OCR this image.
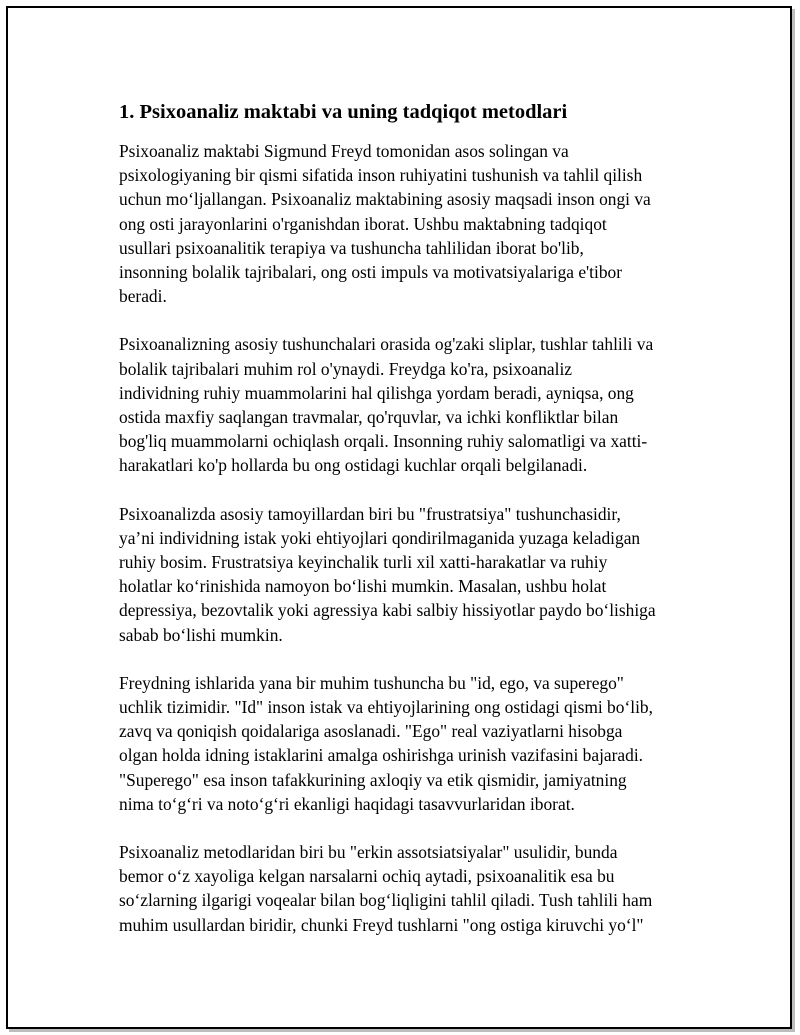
1. Psixoanaliz maktabi va uning tadqiqot metodlari

Psixoanaliz maktabi Sigmund Freyd tomonidan asos solingan va
psixologiyaning bir qismi sifatida inson ruhiyatini tushunish va tahlil qilish
uchun moʻljallangan. Psixoanaliz maktabining asosiy maqsadi inson ongi va
ong osti jarayonlarini o'rganishdan iborat. Ushbu maktabning tadqiqot
usullari psixoanalitik terapiya va tushuncha tahlilidan iborat bo'lib,
insonning bolalik tajribalari, ong osti impuls va motivatsiyalariga e'tibor
beradi.

Psixoanalizning asosiy tushunchalari orasida og'zaki sliplar, tushlar tahlili va
bolalik tajribalari muhim rol o'ynaydi. Freydga ko'ra, psixoanaliz
individning ruhiy muammolarini hal qilishga yordam beradi, ayniqsa, ong
ostida maxfiy saqlangan travmalar, qo'rquvlar, va ichki konfliktlar bilan
bog'liq muammolarni ochiqlash orqali. Insonning ruhiy salomatligi va xatti-
harakatlari ko'p hollarda bu ong ostidagi kuchlar orqali belgilanadi.

Psixoanalizda asosiy tamoyillardan biri bu "frustratsiya" tushunchasidir,
yaʼni individning istak yoki ehtiyojlari qondirilmaganida yuzaga keladigan
ruhiy bosim. Frustratsiya keyinchalik turli xil xatti-harakatlar va ruhiy
holatlar koʻrinishida namoyon boʻlishi mumkin. Masalan, ushbu holat
depressiya, bezovtalik yoki agressiya kabi salbiy hissiyotlar paydo boʻlishiga
sabab boʻlishi mumkin.

Freydning ishlarida yana bir muhim tushuncha bu "id, ego, va superego"
uchlik tizimidir. "Id" inson istak va ehtiyojlarining ong ostidagi qismi boʻlib,
zavq va qoniqish qoidalariga asoslanadi. "Ego" real vaziyatlarni hisobga
olgan holda idning istaklarini amalga oshirishga urinish vazifasini bajaradi.
"Superego" esa inson tafakkurining axloqiy va etik qismidir, jamiyatning
nima toʻgʻri va notoʻgʻri ekanligi haqidagi tasavvurlaridan iborat.

Psixoanaliz metodlaridan biri bu "erkin assotsiatsiyalar" usulidir, bunda
bemor oʻz xayoliga kelgan narsalarni ochiq aytadi, psixoanalitik esa bu
soʻzlarning ilgarigi voqealar bilan bogʻliqligini tahlil qiladi. Tush tahlili ham
muhim usullardan biridir, chunki Freyd tushlarni "ong ostiga kiruvchi yoʻl"
